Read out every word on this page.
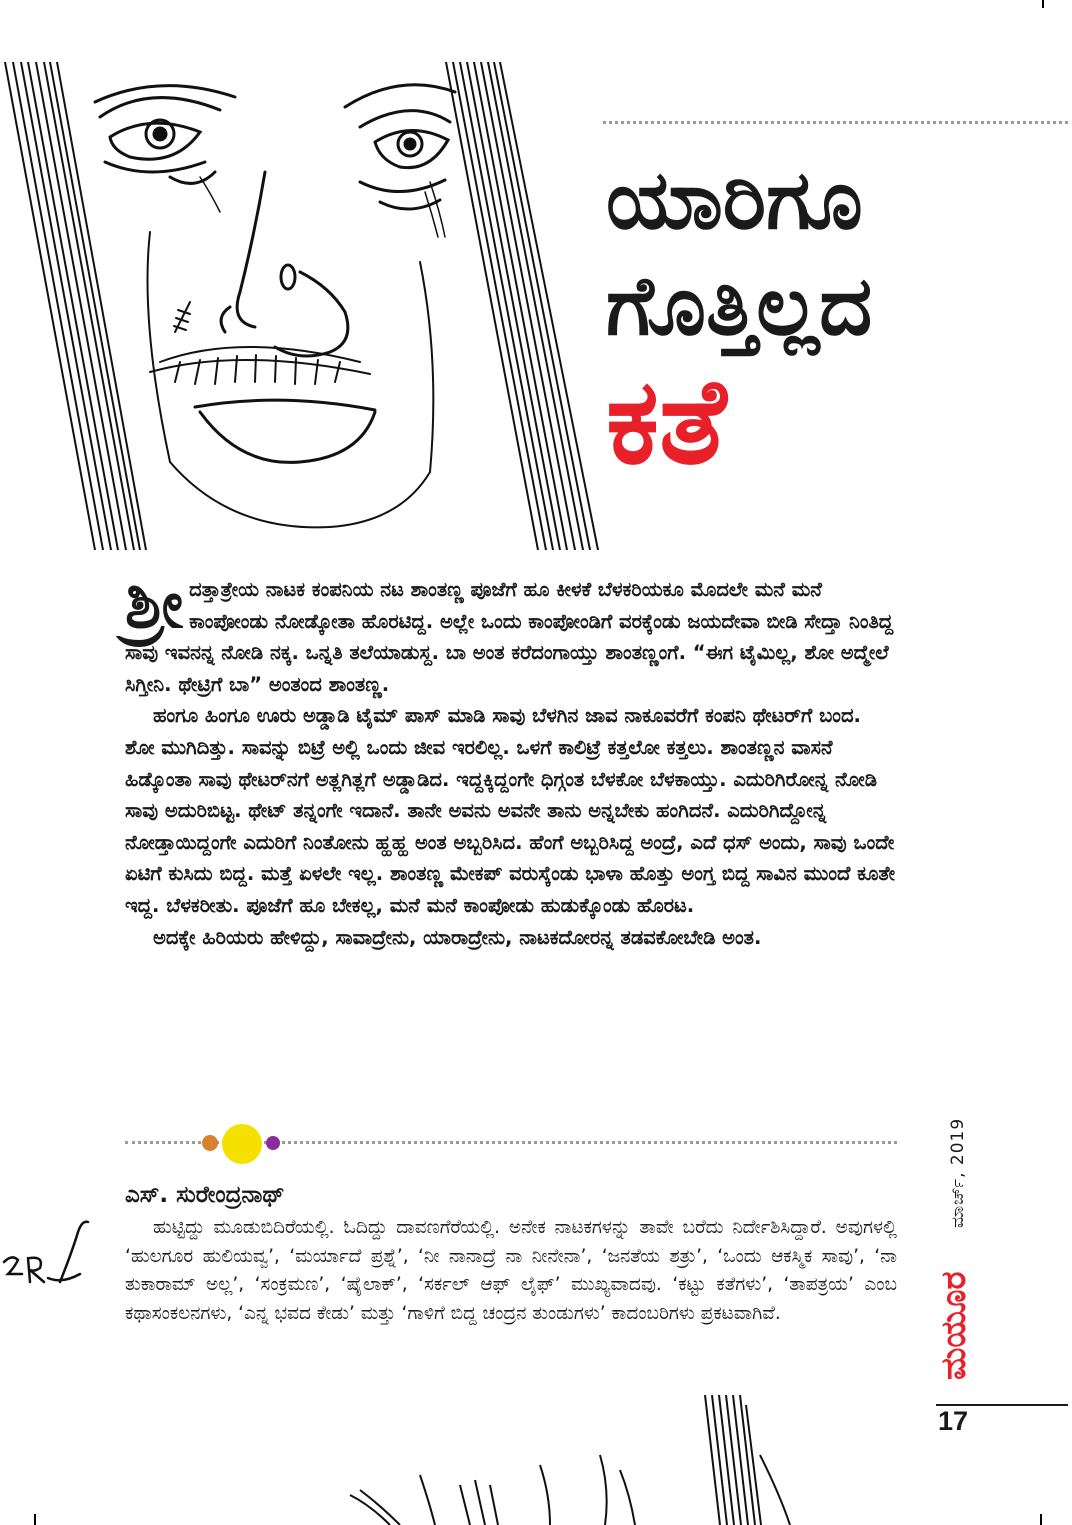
ಯಾರಿಗೂ
ಗೊತ್ತಿಲ್ಲದ
ಕತೆ

ಶ್ರೀ ದತ್ತಾತ್ರೇಯ ನಾಟಕ ಕಂಪನಿಯ ನಟ ಶಾಂತಣ್ಣ ಪೂಜೆಗೆ ಹೂ ಕೀಳಕೆ ಬೆಳಕರಿಯಕೂ ಮೊದಲೇ ಮನೆ ಮನೆ ಕಾಂಪೋಂಡು ನೋಡ್ಕೋತಾ ಹೊರಟಿದ್ದ. ಅಲ್ಲೇ ಒಂದು ಕಾಂಪೋಂಡಿಗೆ ವರಕ್ಕೆಂಡು ಜಯದೇವಾ ಬೀಡಿ ಸೇದ್ತಾ ನಿಂತಿದ್ದ ಸಾವು ಇವನನ್ನ ನೋಡಿ ನಕ್ಕ. ಒನ್ನತಿ ತಲೆಯಾಡುಸ್ದ. ಬಾ ಅಂತ ಕರೆದಂಗಾಯ್ತು ಶಾಂತಣ್ಣಂಗೆ. “ಈಗ ಟೈಮಿಲ್ಲ, ಶೋ ಅದ್ಮೇಲೆ ಸಿಗ್ತೀನಿ. ಥೇಟ್ರಿಗೆ ಬಾ” ಅಂತಂದ ಶಾಂತಣ್ಣ.

ಹಂಗೂ ಹಿಂಗೂ ಊರು ಅಡ್ಡಾಡಿ ಟೈಮ್ ಪಾಸ್ ಮಾಡಿ ಸಾವು ಬೆಳಗಿನ ಜಾವ ನಾಕೂವರೆಗೆ ಕಂಪನಿ ಥೇಟರ್‌ಗೆ ಬಂದ. ಶೋ ಮುಗಿದಿತ್ತು. ಸಾವನ್ನು ಬಿಟ್ರೆ ಅಲ್ಲಿ ಒಂದು ಜೀವ ಇರಲಿಲ್ಲ. ಒಳಗೆ ಕಾಲಿಟ್ರೆ ಕತ್ತಲೋ ಕತ್ತಲು. ಶಾಂತಣ್ಣನ ವಾಸನೆ ಹಿಡ್ಕೊಂತಾ ಸಾವು ಥೇಟರ್‌ನಗೆ ಅತ್ಲಗಿತ್ಲಗೆ ಅಡ್ಡಾಡಿದ. ಇದ್ದಕ್ಕಿದ್ದಂಗೇ ಧಿಗ್ಗಂತ ಬೆಳಕೋ ಬೆಳಕಾಯ್ತು. ಎದುರಿಗಿರೋನ್ನ ನೋಡಿ ಸಾವು ಅದುರಿಬಿಟ್ಟ. ಥೇಟ್ ತನ್ನಂಗೇ ಇದಾನೆ. ತಾನೇ ಅವನು ಅವನೇ ತಾನು ಅನ್ನಬೇಕು ಹಂಗಿದನೆ. ಎದುರಿಗಿದ್ದೋನ್ನ ನೋಡ್ತಾಯಿದ್ದಂಗೇ ಎದುರಿಗೆ ನಿಂತೋನು ಹ್ಹಹ್ಹ ಅಂತ ಅಬ್ಬರಿಸಿದ. ಹೆಂಗೆ ಅಬ್ಬರಿಸಿದ್ದ ಅಂದ್ರೆ, ಎದೆ ಧಸ್ ಅಂದು, ಸಾವು ಒಂದೇ ಏಟಿಗೆ ಕುಸಿದು ಬಿದ್ದ. ಮತ್ತೆ ಏಳಲೇ ಇಲ್ಲ. ಶಾಂತಣ್ಣ ಮೇಕಪ್ ವರುಸ್ಕೆಂಡು ಭಾಳಾ ಹೊತ್ತು ಅಂಗ್ತ ಬಿದ್ದ ಸಾವಿನ ಮುಂದೆ ಕೂತೇ ಇದ್ದ. ಬೆಳಕರೀತು. ಪೂಜೆಗೆ ಹೂ ಬೇಕಲ್ಲ, ಮನೆ ಮನೆ ಕಾಂಪೋಡು ಹುಡುಕ್ಕೊಂಡು ಹೊರಟ.

ಅದಕ್ಕೇ ಹಿರಿಯರು ಹೇಳಿದ್ದು, ಸಾವಾದ್ರೇನು, ಯಾರಾದ್ರೇನು, ನಾಟಕದೋರನ್ನ ತಡವಕೋಬೇಡಿ ಅಂತ.

ಎಸ್. ಸುರೇಂದ್ರನಾಥ್

ಹುಟ್ಟಿದ್ದು ಮೂಡುಬಿದಿರೆಯಲ್ಲಿ. ಓದಿದ್ದು ದಾವಣಗೆರೆಯಲ್ಲಿ. ಅನೇಕ ನಾಟಕಗಳನ್ನು ತಾವೇ ಬರೆದು ನಿರ್ದೇಶಿಸಿದ್ದಾರೆ. ಅವುಗಳಲ್ಲಿ ‘ಹುಲಗೂರ ಹುಲಿಯವ್ವ’, ‘ಮರ್ಯಾದೆ ಪ್ರಶ್ನೆ’, ‘ನೀ ನಾನಾದ್ರೆ ನಾ ನೀನೇನಾ’, ‘ಜನತೆಯ ಶತ್ರು’, ‘ಒಂದು ಆಕಸ್ಮಿಕ ಸಾವು’, ‘ನಾ ತುಕಾರಾಮ್ ಅಲ್ಲ’, ‘ಸಂಕ್ರಮಣ’, ‘ಷೈಲಾಕ್’, ‘ಸರ್ಕಲ್ ಆಫ್ ಲೈಫ್’ ಮುಖ್ಯವಾದವು. ‘ಕಟ್ಟು ಕತೆಗಳು’, ‘ತಾಪತ್ರಯ’ ಎಂಬ ಕಥಾಸಂಕಲನಗಳು, ‘ಎನ್ನ ಭವದ ಕೇಡು’ ಮತ್ತು ‘ಗಾಳಿಗೆ ಬಿದ್ದ ಚಂದ್ರನ ತುಂಡುಗಳು’ ಕಾದಂಬರಿಗಳು ಪ್ರಕಟವಾಗಿವೆ.

ಮಾರ್ಚ್, 2019
ಮಯೂರ
17
